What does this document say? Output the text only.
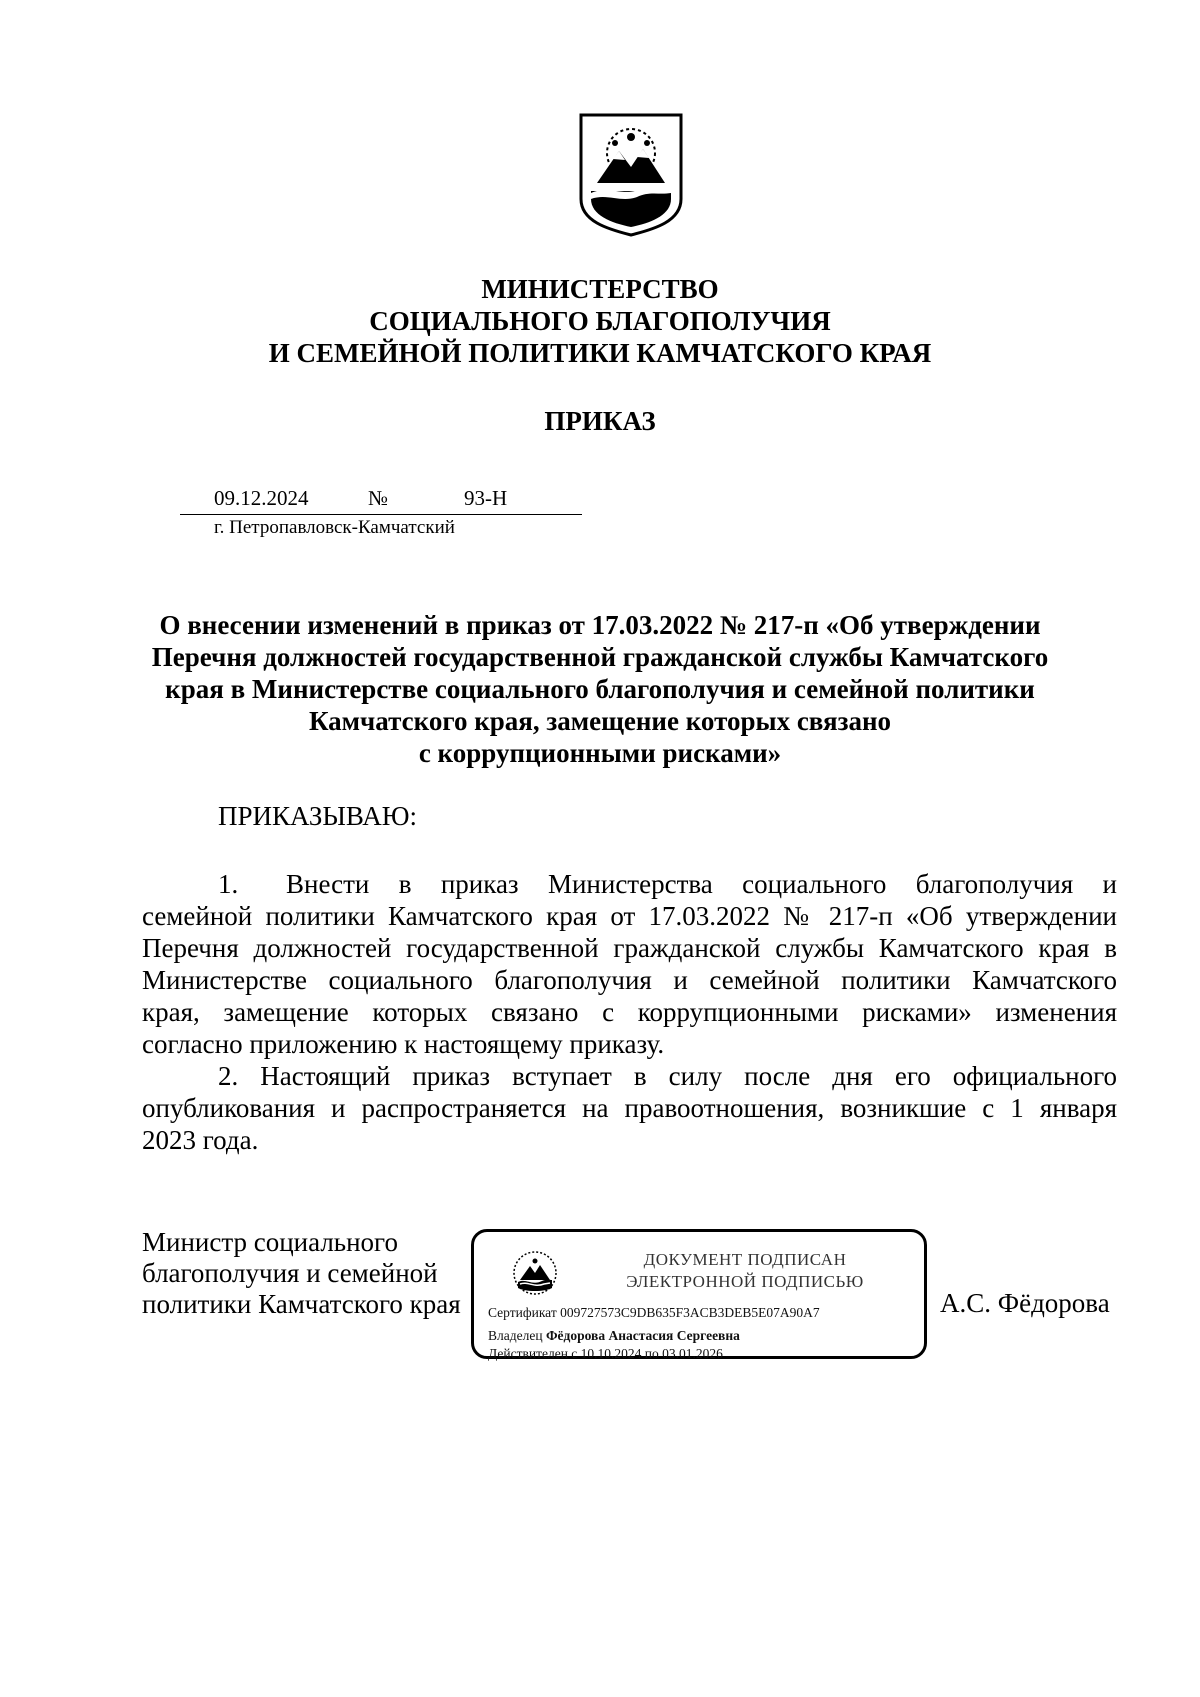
МИНИСТЕРСТВО
СОЦИАЛЬНОГО БЛАГОПОЛУЧИЯ
И СЕМЕЙНОЙ ПОЛИТИКИ КАМЧАТСКОГО КРАЯ
ПРИКАЗ
09.12.2024	№	93-Н
г. Петропавловск-Камчатский
О внесении изменений в приказ от 17.03.2022 № 217-п «Об утверждении
Перечня должностей государственной гражданской службы Камчатского
края в Министерстве социального благополучия и семейной политики
Камчатского края, замещение которых связано
с коррупционными рисками»
ПРИКАЗЫВАЮ:
1. Внести в приказ Министерства социального благополучия и
семейной политики Камчатского края от 17.03.2022 № 217-п «Об утверждении
Перечня должностей государственной гражданской службы Камчатского края в
Министерстве социального благополучия и семейной политики Камчатского
края, замещение которых связано с коррупционными рисками» изменения
согласно приложению к настоящему приказу.
2. Настоящий приказ вступает в силу после дня его официального
опубликования и распространяется на правоотношения, возникшие с 1 января
2023 года.
Министр социального
благополучия и семейной
политики Камчатского края
ДОКУМЕНТ ПОДПИСАН
ЭЛЕКТРОННОЙ ПОДПИСЬЮ
Сертификат 009727573C9DB635F3ACB3DEB5E07A90A7
Владелец Фёдорова Анастасия Сергеевна
Действителен с 10.10.2024 по 03.01.2026
А.С. Фёдорова
